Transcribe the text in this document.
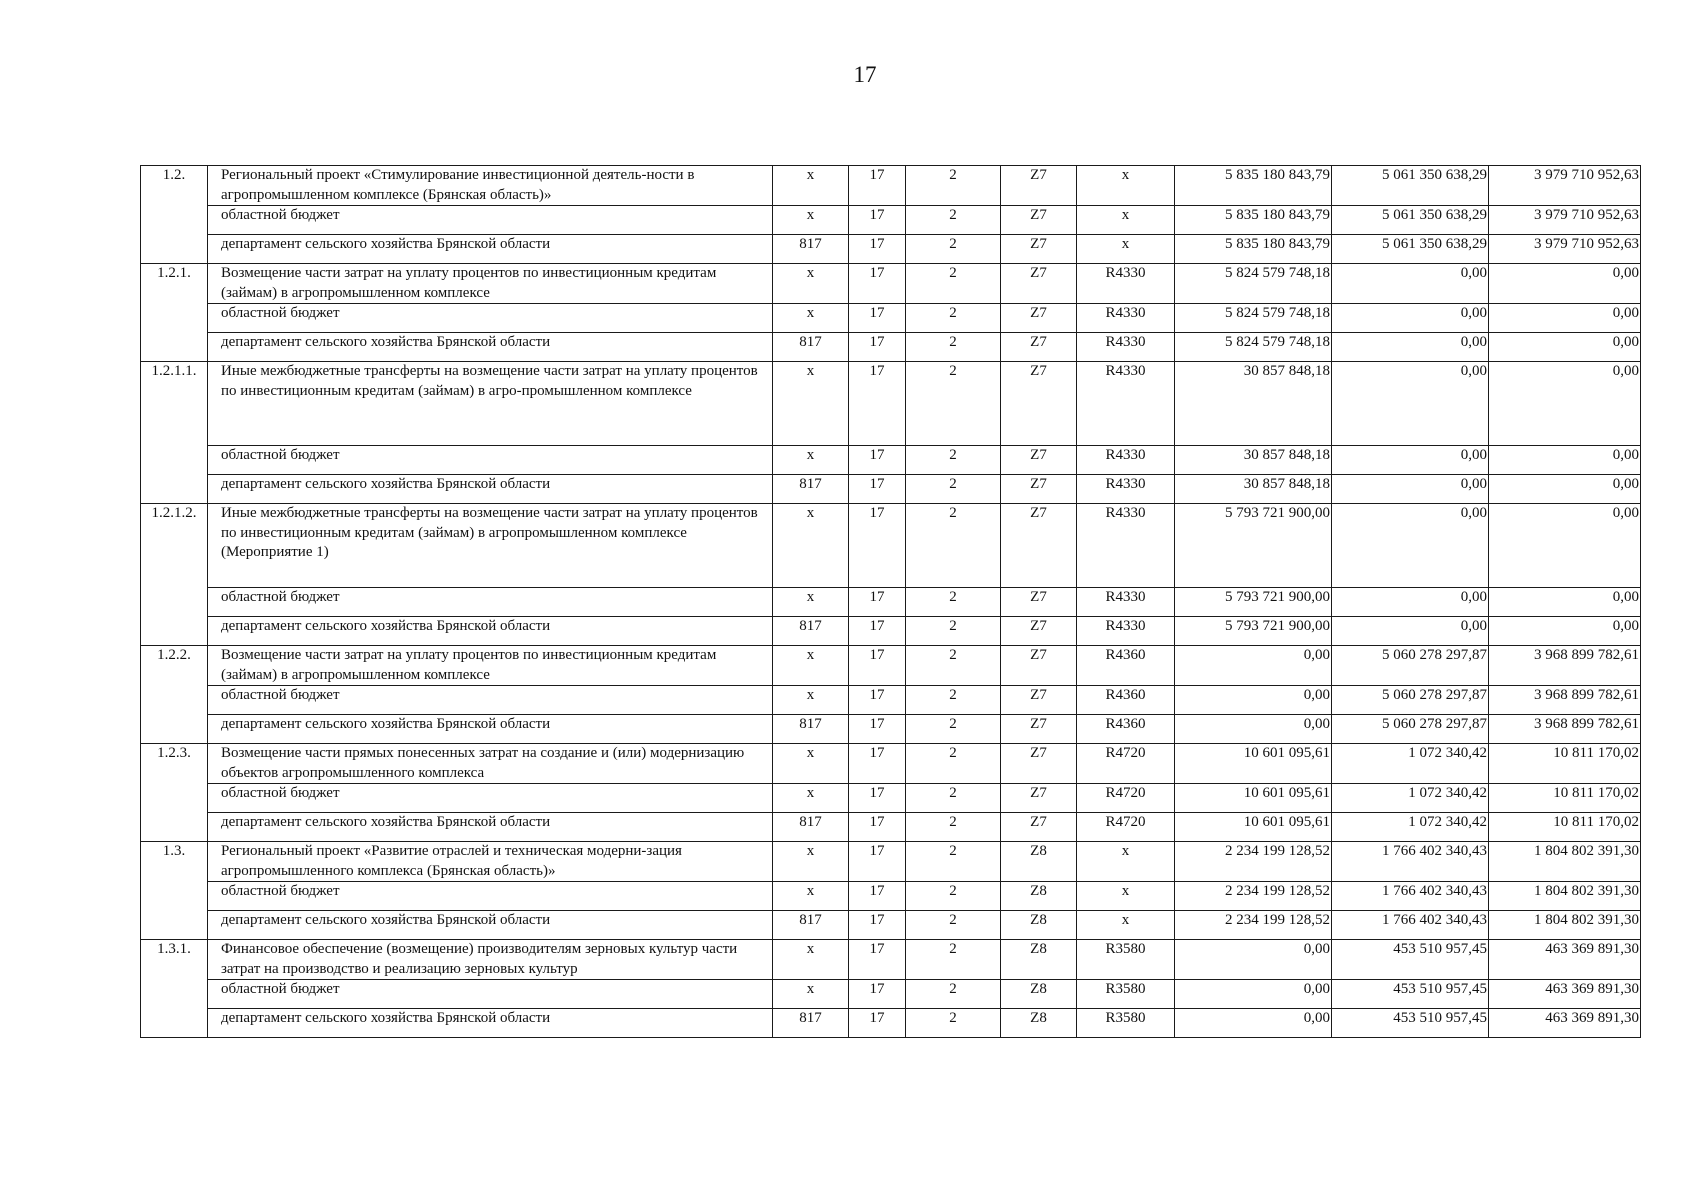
17
1.2.	Региональный проект «Стимулирование инвестиционной деятель-ности в агропромышленном комплексе (Брянская область)»	х	17	2	Z7	х	5 835 180 843,79	5 061 350 638,29	3 979 710 952,63
	областной бюджет	х	17	2	Z7	х	5 835 180 843,79	5 061 350 638,29	3 979 710 952,63
	департамент сельского хозяйства Брянской области	817	17	2	Z7	х	5 835 180 843,79	5 061 350 638,29	3 979 710 952,63
1.2.1.	Возмещение части затрат на уплату процентов по инвестиционным кредитам (займам) в агропромышленном комплексе	х	17	2	Z7	R4330	5 824 579 748,18	0,00	0,00
	областной бюджет	х	17	2	Z7	R4330	5 824 579 748,18	0,00	0,00
	департамент сельского хозяйства Брянской области	817	17	2	Z7	R4330	5 824 579 748,18	0,00	0,00
1.2.1.1.	Иные межбюджетные трансферты на возмещение части затрат на уплату процентов по инвестиционным кредитам (займам) в агро-промышленном комплексе	х	17	2	Z7	R4330	30 857 848,18	0,00	0,00
	областной бюджет	х	17	2	Z7	R4330	30 857 848,18	0,00	0,00
	департамент сельского хозяйства Брянской области	817	17	2	Z7	R4330	30 857 848,18	0,00	0,00
1.2.1.2.	Иные межбюджетные трансферты на возмещение части затрат на уплату процентов по инвестиционным кредитам (займам) в агропромышленном комплексе (Мероприятие 1)	х	17	2	Z7	R4330	5 793 721 900,00	0,00	0,00
	областной бюджет	х	17	2	Z7	R4330	5 793 721 900,00	0,00	0,00
	департамент сельского хозяйства Брянской области	817	17	2	Z7	R4330	5 793 721 900,00	0,00	0,00
1.2.2.	Возмещение части затрат на уплату процентов по инвестиционным кредитам (займам) в агропромышленном комплексе	х	17	2	Z7	R4360	0,00	5 060 278 297,87	3 968 899 782,61
	областной бюджет	х	17	2	Z7	R4360	0,00	5 060 278 297,87	3 968 899 782,61
	департамент сельского хозяйства Брянской области	817	17	2	Z7	R4360	0,00	5 060 278 297,87	3 968 899 782,61
1.2.3.	Возмещение части прямых понесенных затрат на создание и (или) модернизацию объектов агропромышленного комплекса	х	17	2	Z7	R4720	10 601 095,61	1 072 340,42	10 811 170,02
	областной бюджет	х	17	2	Z7	R4720	10 601 095,61	1 072 340,42	10 811 170,02
	департамент сельского хозяйства Брянской области	817	17	2	Z7	R4720	10 601 095,61	1 072 340,42	10 811 170,02
1.3.	Региональный проект «Развитие отраслей и техническая модерни-зация агропромышленного комплекса (Брянская область)»	х	17	2	Z8	х	2 234 199 128,52	1 766 402 340,43	1 804 802 391,30
	областной бюджет	х	17	2	Z8	х	2 234 199 128,52	1 766 402 340,43	1 804 802 391,30
	департамент сельского хозяйства Брянской области	817	17	2	Z8	х	2 234 199 128,52	1 766 402 340,43	1 804 802 391,30
1.3.1.	Финансовое обеспечение (возмещение) производителям зерновых культур части затрат на производство и реализацию зерновых культур	х	17	2	Z8	R3580	0,00	453 510 957,45	463 369 891,30
	областной бюджет	х	17	2	Z8	R3580	0,00	453 510 957,45	463 369 891,30
	департамент сельского хозяйства Брянской области	817	17	2	Z8	R3580	0,00	453 510 957,45	463 369 891,30
